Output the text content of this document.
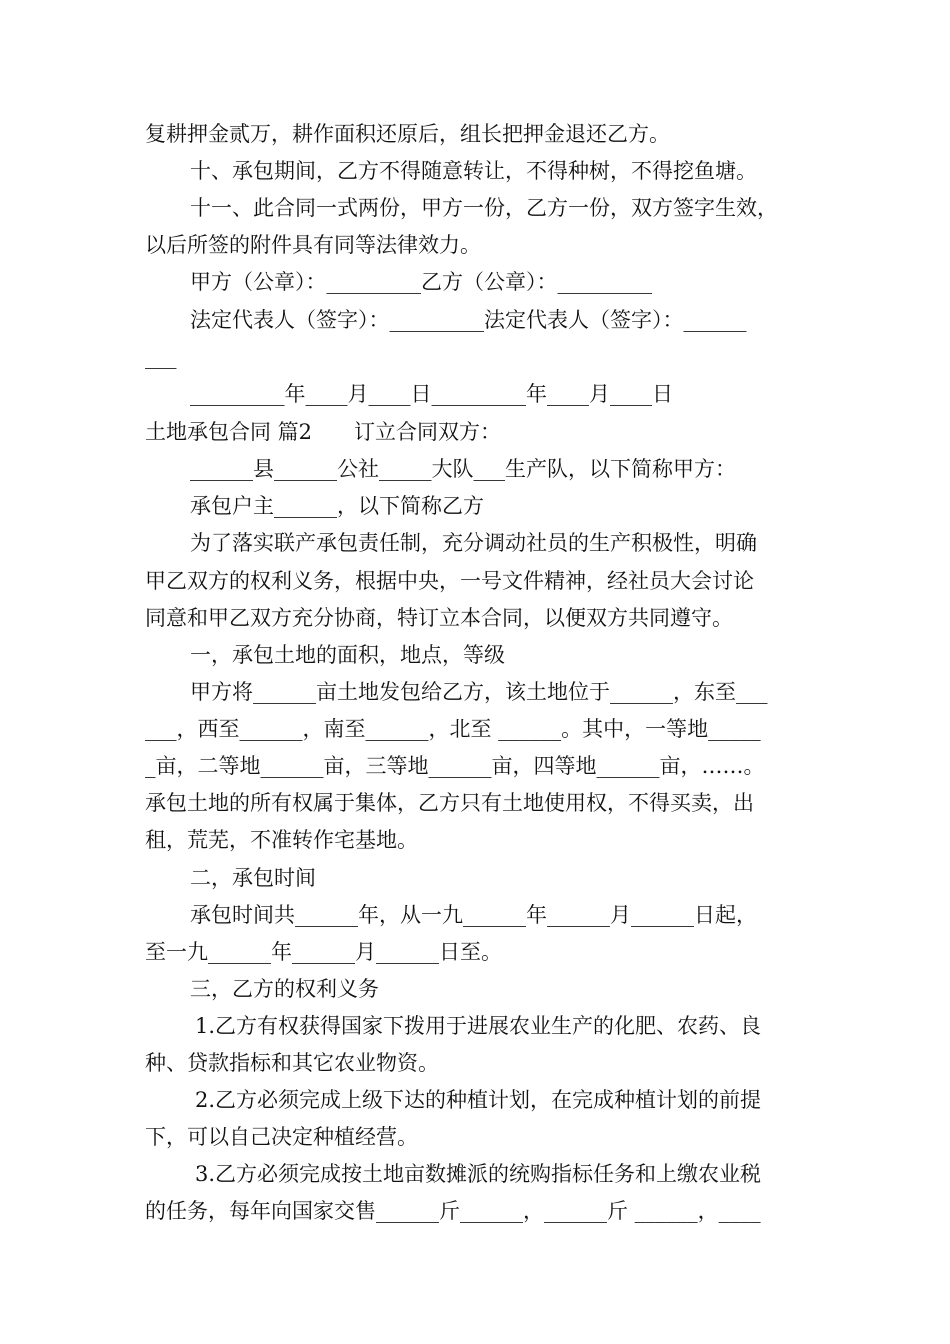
复耕押金贰万，耕作面积还原后，组长把押金退还乙方。

十、承包期间，乙方不得随意转让，不得种树，不得挖鱼塘。

十一、此合同一式两份，甲方一份，乙方一份，双方签字生效，

以后所签的附件具有同等法律效力。

甲方（公章）：_________乙方（公章）：_________

法定代表人（签字）：_________法定代表人（签字）：______

___

_________年____月____日_________年____月____日

土地承包合同 篇2　　订立合同双方：

______县______公社_____大队___生产队，以下简称甲方：

承包户主______，以下简称乙方

为了落实联产承包责任制，充分调动社员的生产积极性，明确

甲乙双方的权利义务，根据中央，一号文件精神，经社员大会讨论

同意和甲乙双方充分协商，特订立本合同，以便双方共同遵守。

一，承包土地的面积，地点，等级

甲方将______亩土地发包给乙方，该土地位于______，东至___

___，西至______，南至______，北至 ______。其中，一等地_____

_亩，二等地______亩，三等地______亩，四等地______亩，……。

承包土地的所有权属于集体，乙方只有土地使用权，不得买卖，出

租，荒芜，不准转作宅基地。

二，承包时间

承包时间共______年，从一九______年______月______日起，

至一九______年______月______日至。

三，乙方的权利义务

1.乙方有权获得国家下拨用于进展农业生产的化肥、农药、良

种、贷款指标和其它农业物资。

2.乙方必须完成上级下达的种植计划，在完成种植计划的前提

下，可以自己决定种植经营。

3.乙方必须完成按土地亩数摊派的统购指标任务和上缴农业税

的任务，每年向国家交售______斤______，______斤 ______，____
